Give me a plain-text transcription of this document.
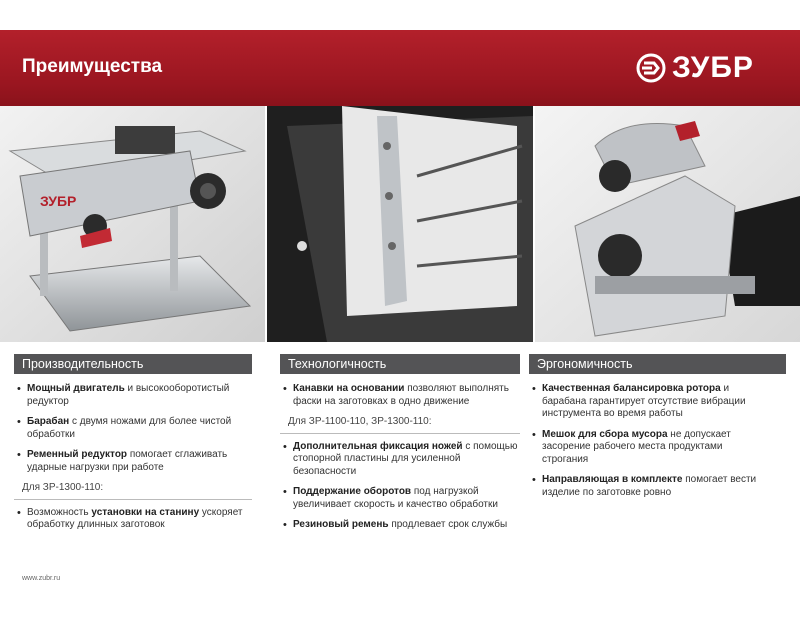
Преимущества	ЗУБР
ЗУБР
Производительность	Технологичность	Эргономичность
• Мощный двигатель и высокооборотистый редуктор
• Барабан с двумя ножами для более чистой обработки
• Ременный редуктор помогает сглаживать ударные нагрузки при работе
Для ЗР-1300-110:
• Возможность установки на станину ускоряет обработку длинных заготовок
• Канавки на основании позволяют выполнять фаски на заготовках в одно движение
Для ЗР-1100-110, ЗР-1300-110:
• Дополнительная фиксация ножей с помощью стопорной пластины для усиленной безопасности
• Поддержание оборотов под нагрузкой увеличивает скорость и качество обработки
• Резиновый ремень продлевает срок службы
• Качественная балансировка ротора и барабана гарантирует отсутствие вибрации инструмента во время работы
• Мешок для сбора мусора не допускает засорение рабочего места продуктами строгания
• Направляющая в комплекте помогает вести изделие по заготовке ровно
www.zubr.ru
